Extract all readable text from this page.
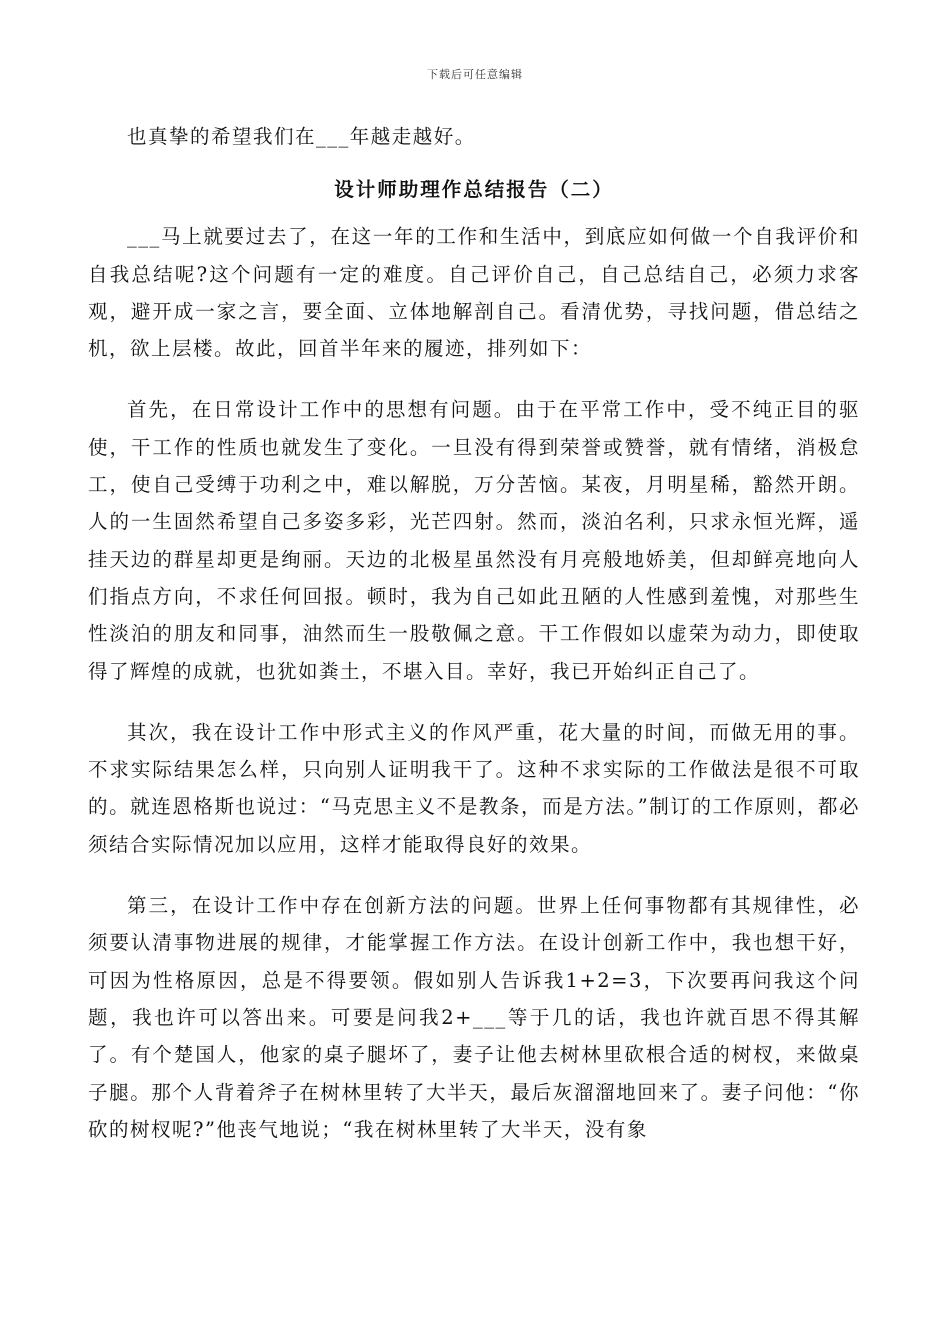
下载后可任意编辑

也真挚的希望我们在___年越走越好。

设计师助理作总结报告（二）

___马上就要过去了，在这一年的工作和生活中，到底应如何做一个自我评价和自我总结呢?这个问题有一定的难度。自己评价自己，自己总结自己，必须力求客观，避开成一家之言，要全面、立体地解剖自己。看清优势，寻找问题，借总结之机，欲上层楼。故此，回首半年来的履迹，排列如下：

首先，在日常设计工作中的思想有问题。由于在平常工作中，受不纯正目的驱使，干工作的性质也就发生了变化。一旦没有得到荣誉或赞誉，就有情绪，消极怠工，使自己受缚于功利之中，难以解脱，万分苦恼。某夜，月明星稀，豁然开朗。人的一生固然希望自己多姿多彩，光芒四射。然而，淡泊名利，只求永恒光辉，遥挂天边的群星却更是绚丽。天边的北极星虽然没有月亮般地娇美，但却鲜亮地向人们指点方向，不求任何回报。顿时，我为自己如此丑陋的人性感到羞愧，对那些生性淡泊的朋友和同事，油然而生一股敬佩之意。干工作假如以虚荣为动力，即使取得了辉煌的成就，也犹如粪土，不堪入目。幸好，我已开始纠正自己了。

其次，我在设计工作中形式主义的作风严重，花大量的时间，而做无用的事。不求实际结果怎么样，只向别人证明我干了。这种不求实际的工作做法是很不可取的。就连恩格斯也说过：“马克思主义不是教条，而是方法。”制订的工作原则，都必须结合实际情况加以应用，这样才能取得良好的效果。

第三，在设计工作中存在创新方法的问题。世界上任何事物都有其规律性，必须要认清事物进展的规律，才能掌握工作方法。在设计创新工作中，我也想干好，可因为性格原因，总是不得要领。假如别人告诉我1+2=3，下次要再问我这个问题，我也许可以答出来。可要是问我2+___等于几的话，我也许就百思不得其解了。有个楚国人，他家的桌子腿坏了，妻子让他去树林里砍根合适的树杈，来做桌子腿。那个人背着斧子在树林里转了大半天，最后灰溜溜地回来了。妻子问他：“你砍的树杈呢?”他丧气地说；“我在树林里转了大半天，没有象
